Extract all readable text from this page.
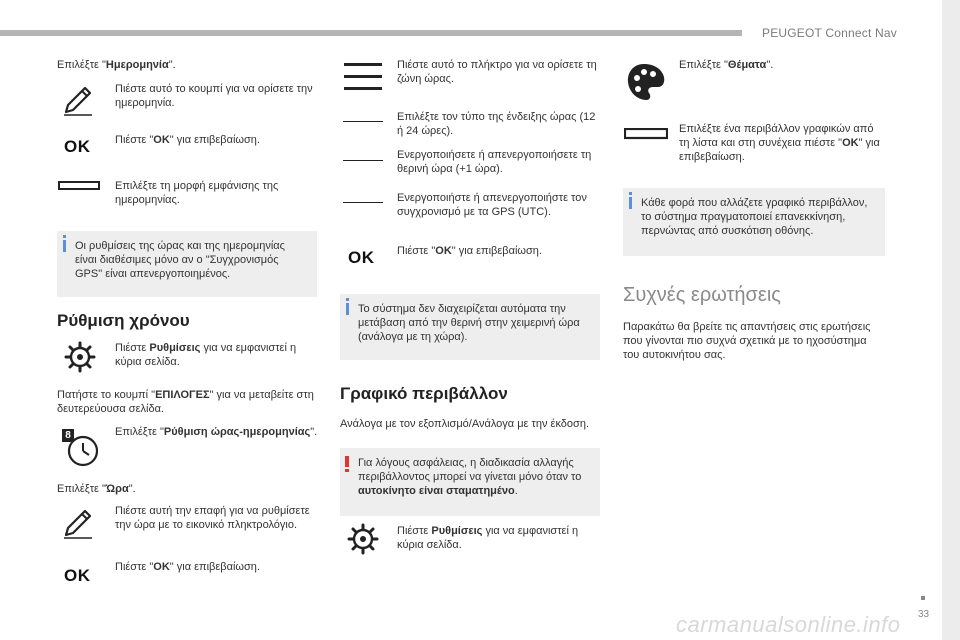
PEUGEOT Connect Nav
33
carmanualsonline.info
Επιλέξτε "Ημερομηνία".
Πιέστε αυτό το κουμπί για να ορίσετε την ημερομηνία.
OK Πιέστε "OK" για επιβεβαίωση.
Επιλέξτε τη μορφή εμφάνισης της ημερομηνίας.
Οι ρυθμίσεις της ώρας και της ημερομηνίας είναι διαθέσιμες μόνο αν ο "Συγχρονισμός GPS" είναι απενεργοποιημένος.
Ρύθμιση χρόνου
Πιέστε Ρυθμίσεις για να εμφανιστεί η κύρια σελίδα.
Πατήστε το κουμπί "ΕΠΙΛΟΓΕΣ" για να μεταβείτε στη δευτερεύουσα σελίδα.
8	Επιλέξτε "Ρύθμιση ώρας-ημερομηνίας".
Επιλέξτε "Ώρα".
Πιέστε αυτή την επαφή για να ρυθμίσετε την ώρα με το εικονικό πληκτρολόγιο.
OK Πιέστε "OK" για επιβεβαίωση.
Πιέστε αυτό το πλήκτρο για να ορίσετε τη ζώνη ώρας.
Επιλέξτε τον τύπο της ένδειξης ώρας (12 ή 24 ώρες).
Ενεργοποιήσετε ή απενεργοποιήσετε τη θερινή ώρα (+1 ώρα).
Ενεργοποιήστε ή απενεργοποιήστε τον συγχρονισμό με τα GPS (UTC).
OK Πιέστε "OK" για επιβεβαίωση.
Το σύστημα δεν διαχειρίζεται αυτόματα την μετάβαση από την θερινή στην χειμερινή ώρα (ανάλογα με τη χώρα).
Γραφικό περιβάλλον
Ανάλογα με τον εξοπλισμό/Ανάλογα με την έκδοση.
Για λόγους ασφάλειας, η διαδικασία αλλαγής περιβάλλοντος μπορεί να γίνεται μόνο όταν το αυτοκίνητο είναι σταματημένο.
Πιέστε Ρυθμίσεις για να εμφανιστεί η κύρια σελίδα.
Επιλέξτε "Θέματα".
Επιλέξτε ένα περιβάλλον γραφικών από τη λίστα και στη συνέχεια πιέστε "OK" για επιβεβαίωση.
Κάθε φορά που αλλάζετε γραφικό περιβάλλον, το σύστημα πραγματοποιεί επανεκκίνηση, περνώντας από συσκότιση οθόνης.
Συχνές ερωτήσεις
Παρακάτω θα βρείτε τις απαντήσεις στις ερωτήσεις που γίνονται πιο συχνά σχετικά με το ηχοσύστημα του αυτοκινήτου σας.
